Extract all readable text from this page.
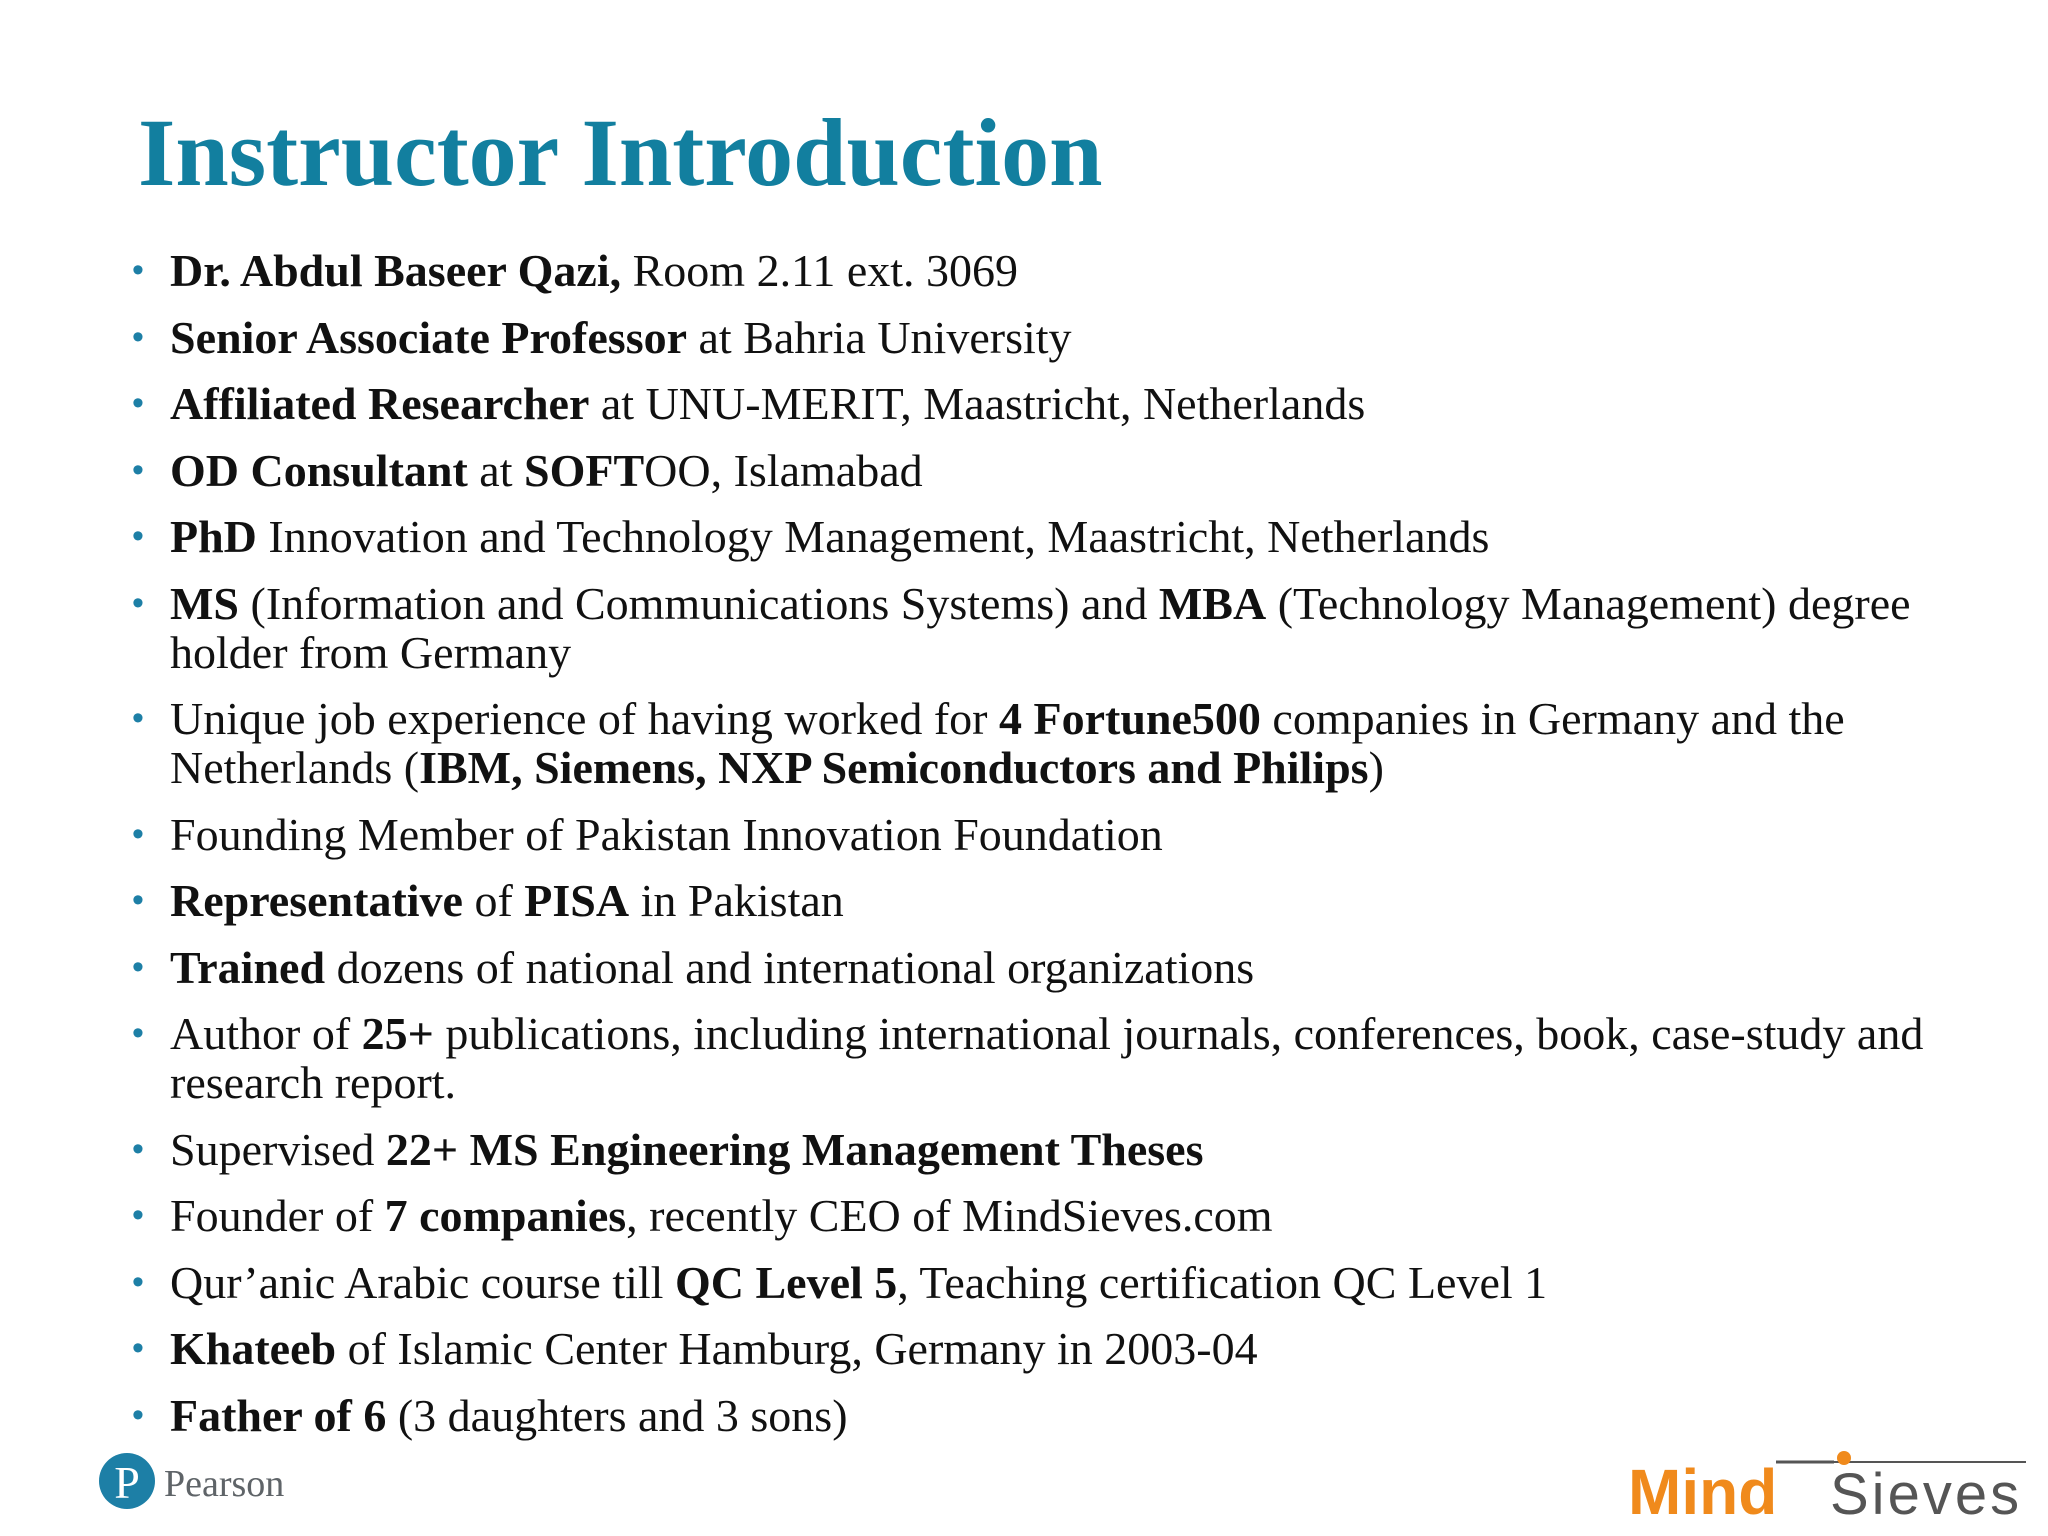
Instructor Introduction
• Dr. Abdul Baseer Qazi, Room 2.11 ext. 3069
• Senior Associate Professor at Bahria University
• Affiliated Researcher at UNU-MERIT, Maastricht, Netherlands
• OD Consultant at SOFTOO, Islamabad
• PhD Innovation and Technology Management, Maastricht, Netherlands
• MS (Information and Communications Systems) and MBA (Technology Management) degree holder from Germany
• Unique job experience of having worked for 4 Fortune500 companies in Germany and the Netherlands (IBM, Siemens, NXP Semiconductors and Philips)
• Founding Member of Pakistan Innovation Foundation
• Representative of PISA in Pakistan
• Trained dozens of national and international organizations
• Author of 25+ publications, including international journals, conferences, book, case-study and research report.
• Supervised 22+ MS Engineering Management Theses
• Founder of 7 companies, recently CEO of MindSieves.com
• Qur’anic Arabic course till QC Level 5, Teaching certification QC Level 1
• Khateeb of Islamic Center Hamburg, Germany in 2003-04
• Father of 6 (3 daughters and 3 sons)
P Pearson	Mind Sieves
